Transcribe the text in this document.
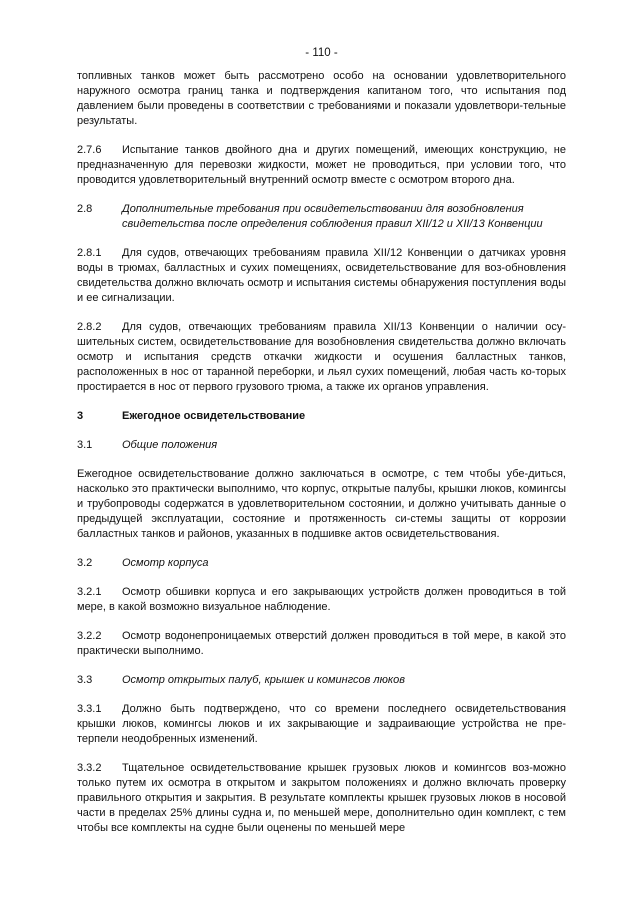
- 110 -

топливных танков может быть рассмотрено особо на основании удовлетворительного наружного осмотра границ танка и подтверждения капитаном того, что испытания под давлением были проведены в соответствии с требованиями и показали удовлетвори-тельные результаты.

2.7.6 Испытание танков двойного дна и других помещений, имеющих конструкцию, не предназначенную для перевозки жидкости, может не проводиться, при условии того, что проводится удовлетворительный внутренний осмотр вместе с осмотром второго дна.

2.8	Дополнительные требования при освидетельствовании для возобновления свидетельства после определения соблюдения правил XII/12 и XII/13 Конвенции

2.8.1 Для судов, отвечающих требованиям правила XII/12 Конвенции о датчиках уровня воды в трюмах, балластных и сухих помещениях, освидетельствование для воз-обновления свидетельства должно включать осмотр и испытания системы обнаружения поступления воды и ее сигнализации.

2.8.2 Для судов, отвечающих требованиям правила XII/13 Конвенции о наличии осу-шительных систем, освидетельствование для возобновления свидетельства должно включать осмотр и испытания средств откачки жидкости и осушения балластных танков, расположенных в нос от таранной переборки, и льял сухих помещений, любая часть ко-торых простирается в нос от первого грузового трюма, а также их органов управления.

3	Ежегодное освидетельствование
3.1	Общие положения

Ежегодное освидетельствование должно заключаться в осмотре, с тем чтобы убе-диться, насколько это практически выполнимо, что корпус, открытые палубы, крышки люков, комингсы и трубопроводы содержатся в удовлетворительном состоянии, и должно учитывать данные о предыдущей эксплуатации, состояние и протяженность си-стемы защиты от коррозии балластных танков и районов, указанных в подшивке актов освидетельствования.

3.2	Осмотр корпуса

3.2.1 Осмотр обшивки корпуса и его закрывающих устройств должен проводиться в той мере, в какой возможно визуальное наблюдение.

3.2.2 Осмотр водонепроницаемых отверстий должен проводиться в той мере, в какой это практически выполнимо.

3.3	Осмотр открытых палуб, крышек и комингсов люков

3.3.1 Должно быть подтверждено, что со времени последнего освидетельствования крышки люков, комингсы люков и их закрывающие и задраивающие устройства не пре-терпели неодобренных изменений.

3.3.2 Тщательное освидетельствование крышек грузовых люков и комингсов воз-можно только путем их осмотра в открытом и закрытом положениях и должно включать проверку правильного открытия и закрытия. В результате комплекты крышек грузовых люков в носовой части в пределах 25% длины судна и, по меньшей мере, дополнительно один комплект, с тем чтобы все комплекты на судне были оценены по меньшей мере
